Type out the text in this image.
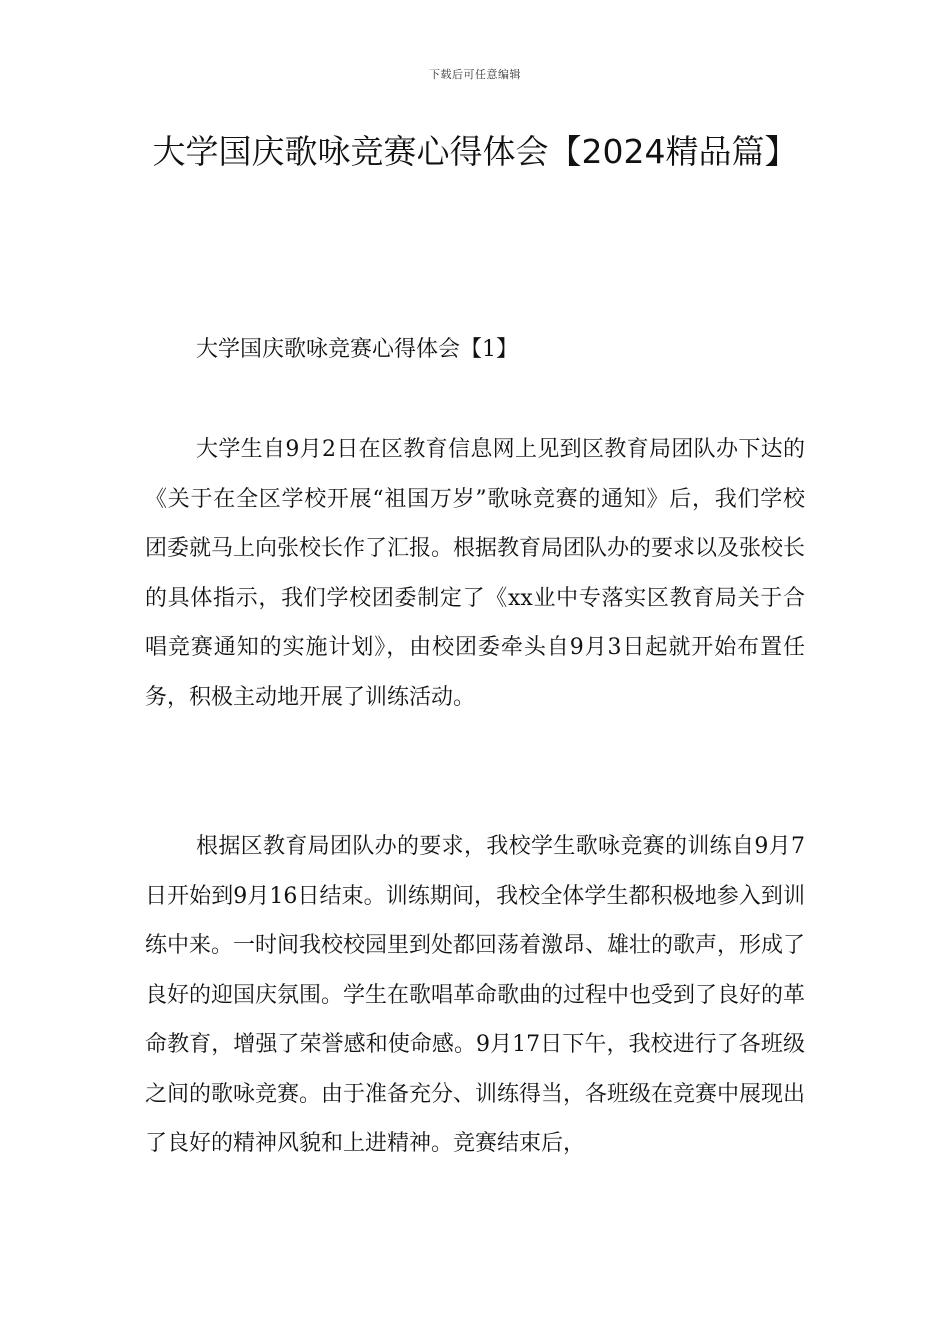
下载后可任意编辑
大学国庆歌咏竞赛心得体会【2024精品篇】
大学国庆歌咏竞赛心得体会【1】

大学生自9月2日在区教育信息网上见到区教育局团队办下达的《关于在全区学校开展“祖国万岁”歌咏竞赛的通知》后，我们学校团委就马上向张校长作了汇报。根据教育局团队办的要求以及张校长的具体指示，我们学校团委制定了《xx业中专落实区教育局关于合唱竞赛通知的实施计划》，由校团委牵头自9月3日起就开始布置任务，积极主动地开展了训练活动。

根据区教育局团队办的要求，我校学生歌咏竞赛的训练自9月7日开始到9月16日结束。训练期间，我校全体学生都积极地参入到训练中来。一时间我校校园里到处都回荡着激昂、雄壮的歌声，形成了良好的迎国庆氛围。学生在歌唱革命歌曲的过程中也受到了良好的革命教育，增强了荣誉感和使命感。9月17日下午，我校进行了各班级之间的歌咏竞赛。由于准备充分、训练得当，各班级在竞赛中展现出了良好的精神风貌和上进精神。竞赛结束后，
